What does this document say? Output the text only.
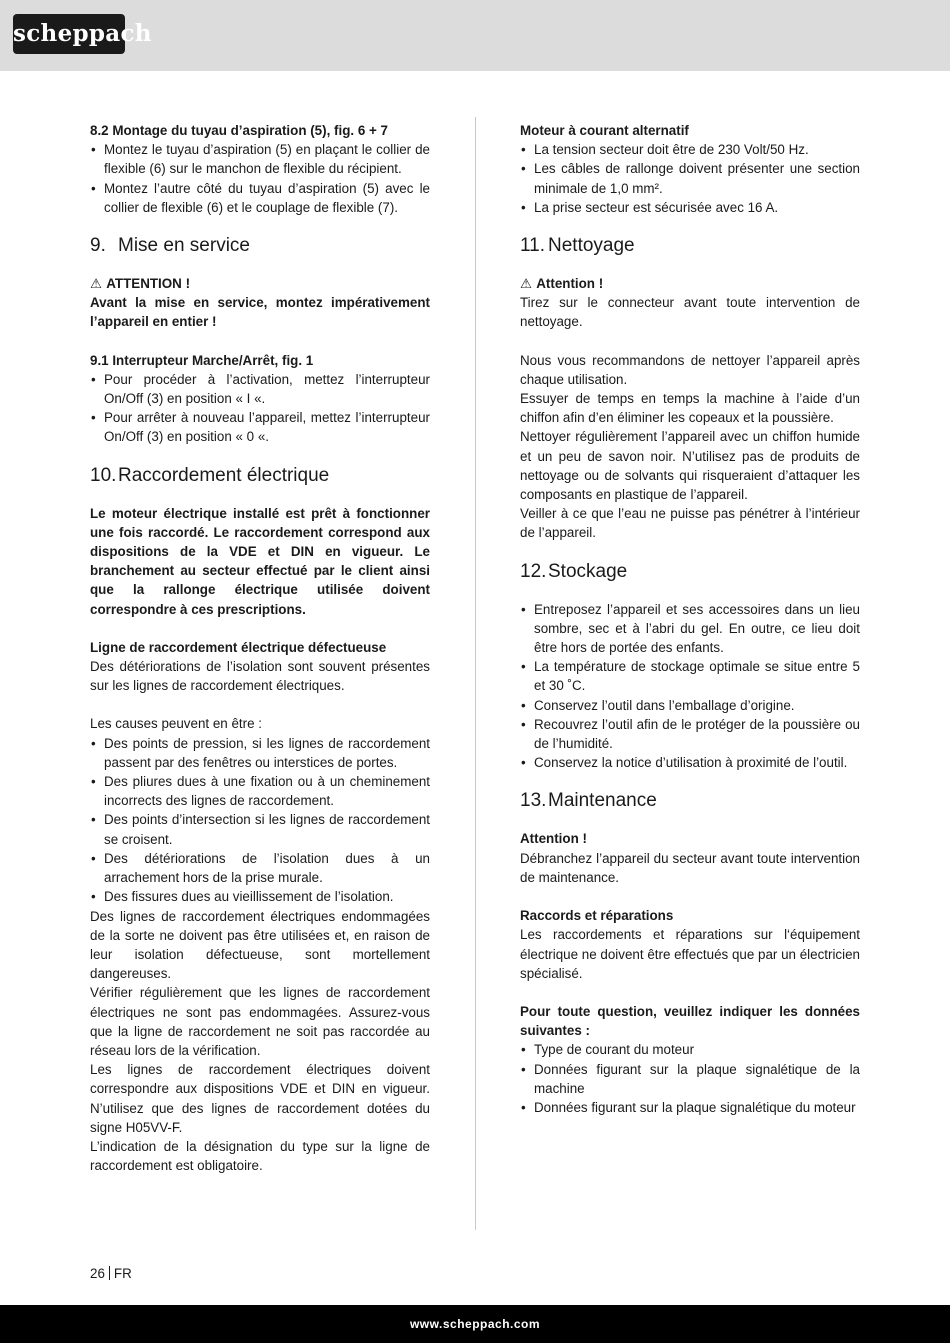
scheppach

8.2 Montage du tuyau d’aspiration (5), fig. 6 + 7

• Montez le tuyau d’aspiration (5) en plaçant le collier de flexible (6) sur le manchon de flexible du récipient.
• Montez l’autre côté du tuyau d’aspiration (5) avec le collier de flexible (6) et le couplage de flexible (7).
9. Mise en service

⚠ ATTENTION !

Avant la mise en service, montez impérativement l’appareil en entier !

9.1 Interrupteur Marche/Arrêt, fig. 1

• Pour procéder à l’activation, mettez l’interrupteur On/Off (3) en position « I «.
• Pour arrêter à nouveau l’appareil, mettez l’interrupteur On/Off (3) en position « 0 «.
10.Raccordement électrique

Le moteur électrique installé est prêt à fonctionner une fois raccordé. Le raccordement correspond aux dispositions de la VDE et DIN en vigueur. Le branchement au secteur effectué par le client ainsi que la rallonge électrique utilisée doivent correspondre à ces prescriptions.

Ligne de raccordement électrique défectueuse

Des détériorations de l’isolation sont souvent présentes sur les lignes de raccordement électriques.

Les causes peuvent en être :

• Des points de pression, si les lignes de raccordement passent par des fenêtres ou interstices de portes.
• Des pliures dues à une fixation ou à un cheminement incorrects des lignes de raccordement.
• Des points d’intersection si les lignes de raccordement se croisent.
• Des détériorations de l’isolation dues à un arrachement hors de la prise murale.
• Des fissures dues au vieillissement de l’isolation.

Des lignes de raccordement électriques endommagées de la sorte ne doivent pas être utilisées et, en raison de leur isolation défectueuse, sont mortellement dangereuses.

Vérifier régulièrement que les lignes de raccordement électriques ne sont pas endommagées. Assurez-vous que la ligne de raccordement ne soit pas raccordée au réseau lors de la vérification.

Les lignes de raccordement électriques doivent correspondre aux dispositions VDE et DIN en vigueur. N’utilisez que des lignes de raccordement dotées du signe H05VV-F.

L’indication de la désignation du type sur la ligne de raccordement est obligatoire.

Moteur à courant alternatif

• La tension secteur doit être de 230 Volt/50 Hz.
• Les câbles de rallonge doivent présenter une section minimale de 1,0 mm².
• La prise secteur est sécurisée avec 16 A.
11. Nettoyage

⚠ Attention !

Tirez sur le connecteur avant toute intervention de nettoyage.

Nous vous recommandons de nettoyer l’appareil après chaque utilisation.

Essuyer de temps en temps la machine à l’aide d’un chiffon afin d’en éliminer les copeaux et la poussière.

Nettoyer régulièrement l’appareil avec un chiffon humide et un peu de savon noir. N’utilisez pas de produits de nettoyage ou de solvants qui risqueraient d’attaquer les composants en plastique de l’appareil.

Veiller à ce que l’eau ne puisse pas pénétrer à l’intérieur de l’appareil.

12.Stockage
• Entreposez l’appareil et ses accessoires dans un lieu sombre, sec et à l’abri du gel. En outre, ce lieu doit être hors de portée des enfants.
• La température de stockage optimale se situe entre 5 et 30 ˚C.
• Conservez l’outil dans l’emballage d’origine.
• Recouvrez l’outil afin de le protéger de la poussière ou de l’humidité.
• Conservez la notice d’utilisation à proximité de l’outil.
13.Maintenance

Attention !

Débranchez l’appareil du secteur avant toute intervention de maintenance.

Raccords et réparations

Les raccordements et réparations sur l‘équipement électrique ne doivent être effectués que par un électricien spécialisé.

Pour toute question, veuillez indiquer les données suivantes :

• Type de courant du moteur
• Données figurant sur la plaque signalétique de la machine
• Données figurant sur la plaque signalétique du moteur
26 FR
www.scheppach.com
